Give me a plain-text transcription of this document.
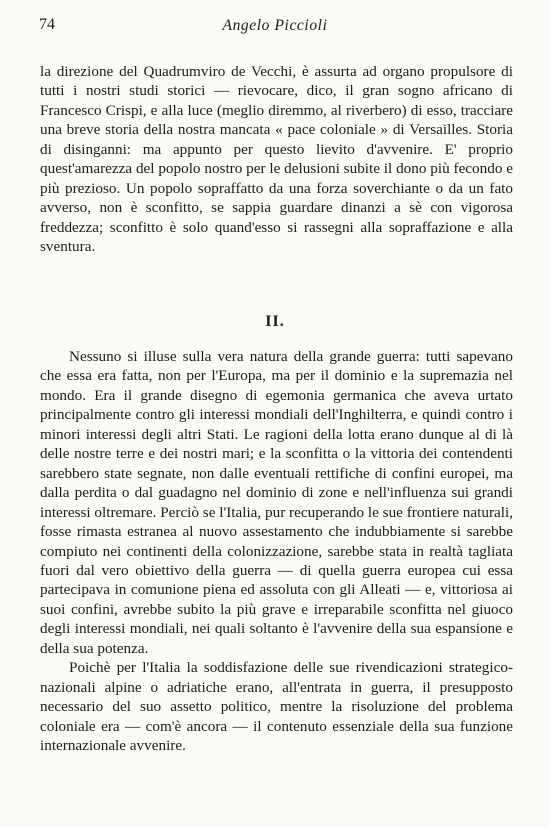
74	Angelo Piccioli

la direzione del Quadrumviro de Vecchi, è assurta ad organo propulsore di tutti i nostri studi storici — rievocare, dico, il gran sogno africano di Francesco Crispi, e alla luce (meglio diremmo, al riverbero) di esso, tracciare una breve storia della nostra mancata « pace coloniale » di Versailles. Storia di disinganni: ma appunto per questo lievito d'avvenire. E' proprio quest'amarezza del popolo nostro per le delusioni subite il dono più fecondo e più prezioso. Un popolo sopraffatto da una forza soverchiante o da un fato avverso, non è sconfitto, se sappia guardare dinanzi a sè con vigorosa freddezza; sconfitto è solo quand'esso si rassegni alla sopraffazione e alla sventura.

II.

Nessuno si illuse sulla vera natura della grande guerra: tutti sapevano che essa era fatta, non per l'Europa, ma per il dominio e la supremazia nel mondo. Era il grande disegno di egemonia germanica che aveva urtato principalmente contro gli interessi mondiali dell'Inghilterra, e quindi contro i minori interessi degli altri Stati. Le ragioni della lotta erano dunque al di là delle nostre terre e dei nostri mari; e la sconfitta o la vittoria dei contendenti sarebbero state segnate, non dalle eventuali rettifiche di confini europei, ma dalla perdita o dal guadagno nel dominio di zone e nell'influenza sui grandi interessi oltremare. Perciò se l'Italia, pur recuperando le sue frontiere naturali, fosse rimasta estranea al nuovo assestamento che indubbiamente si sarebbe compiuto nei continenti della colonizzazione, sarebbe stata in realtà tagliata fuori dal vero obiettivo della guerra — di quella guerra europea cui essa partecipava in comunione piena ed assoluta con gli Alleati — e, vittoriosa ai suoi confini, avrebbe subito la più grave e irreparabile sconfitta nel giuoco degli interessi mondiali, nei quali soltanto è l'avvenire della sua espansione e della sua potenza.

Poichè per l'Italia la soddisfazione delle sue rivendicazioni strategico-nazionali alpine o adriatiche erano, all'entrata in guerra, il presupposto necessario del suo assetto politico, mentre la risoluzione del problema coloniale era — com'è ancora — il contenuto essenziale della sua funzione internazionale avvenire.
